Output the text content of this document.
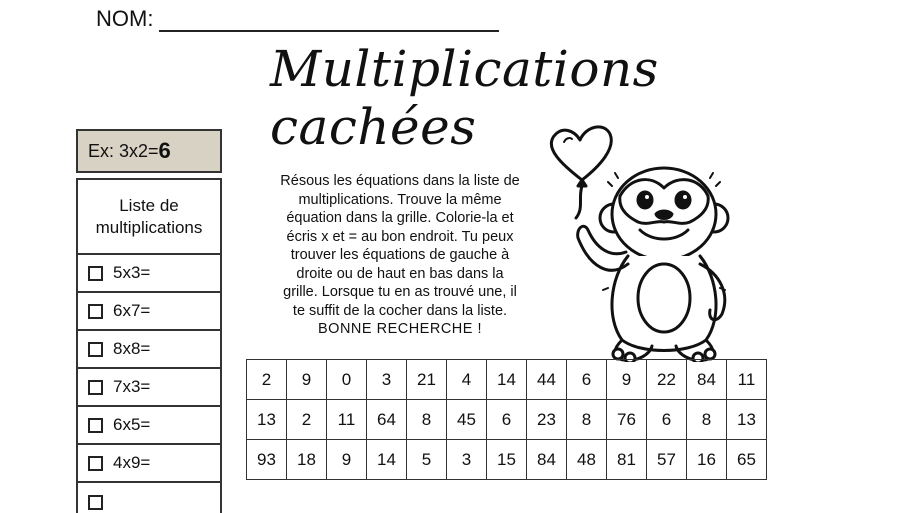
NOM:
Multiplications cachées
Ex: 3x2= 6
Liste de
multiplications
5x3=
6x7=
8x8=
7x3=
6x5=
4x9=
Résous les équations dans la liste de
multiplications. Trouve la même
équation dans la grille. Colorie-la et
écris x et = au bon endroit. Tu peux
trouver les équations de gauche à
droite ou de haut en bas dans la
grille. Lorsque tu en as trouvé une, il
te suffit de la cocher dans la liste.
BONNE RECHERCHE !
2	9	0	3	21	4	14	44	6	9	22	84	11
13	2	11	64	8	45	6	23	8	76	6	8	13
93	18	9	14	5	3	15	84	48	81	57	16	65
